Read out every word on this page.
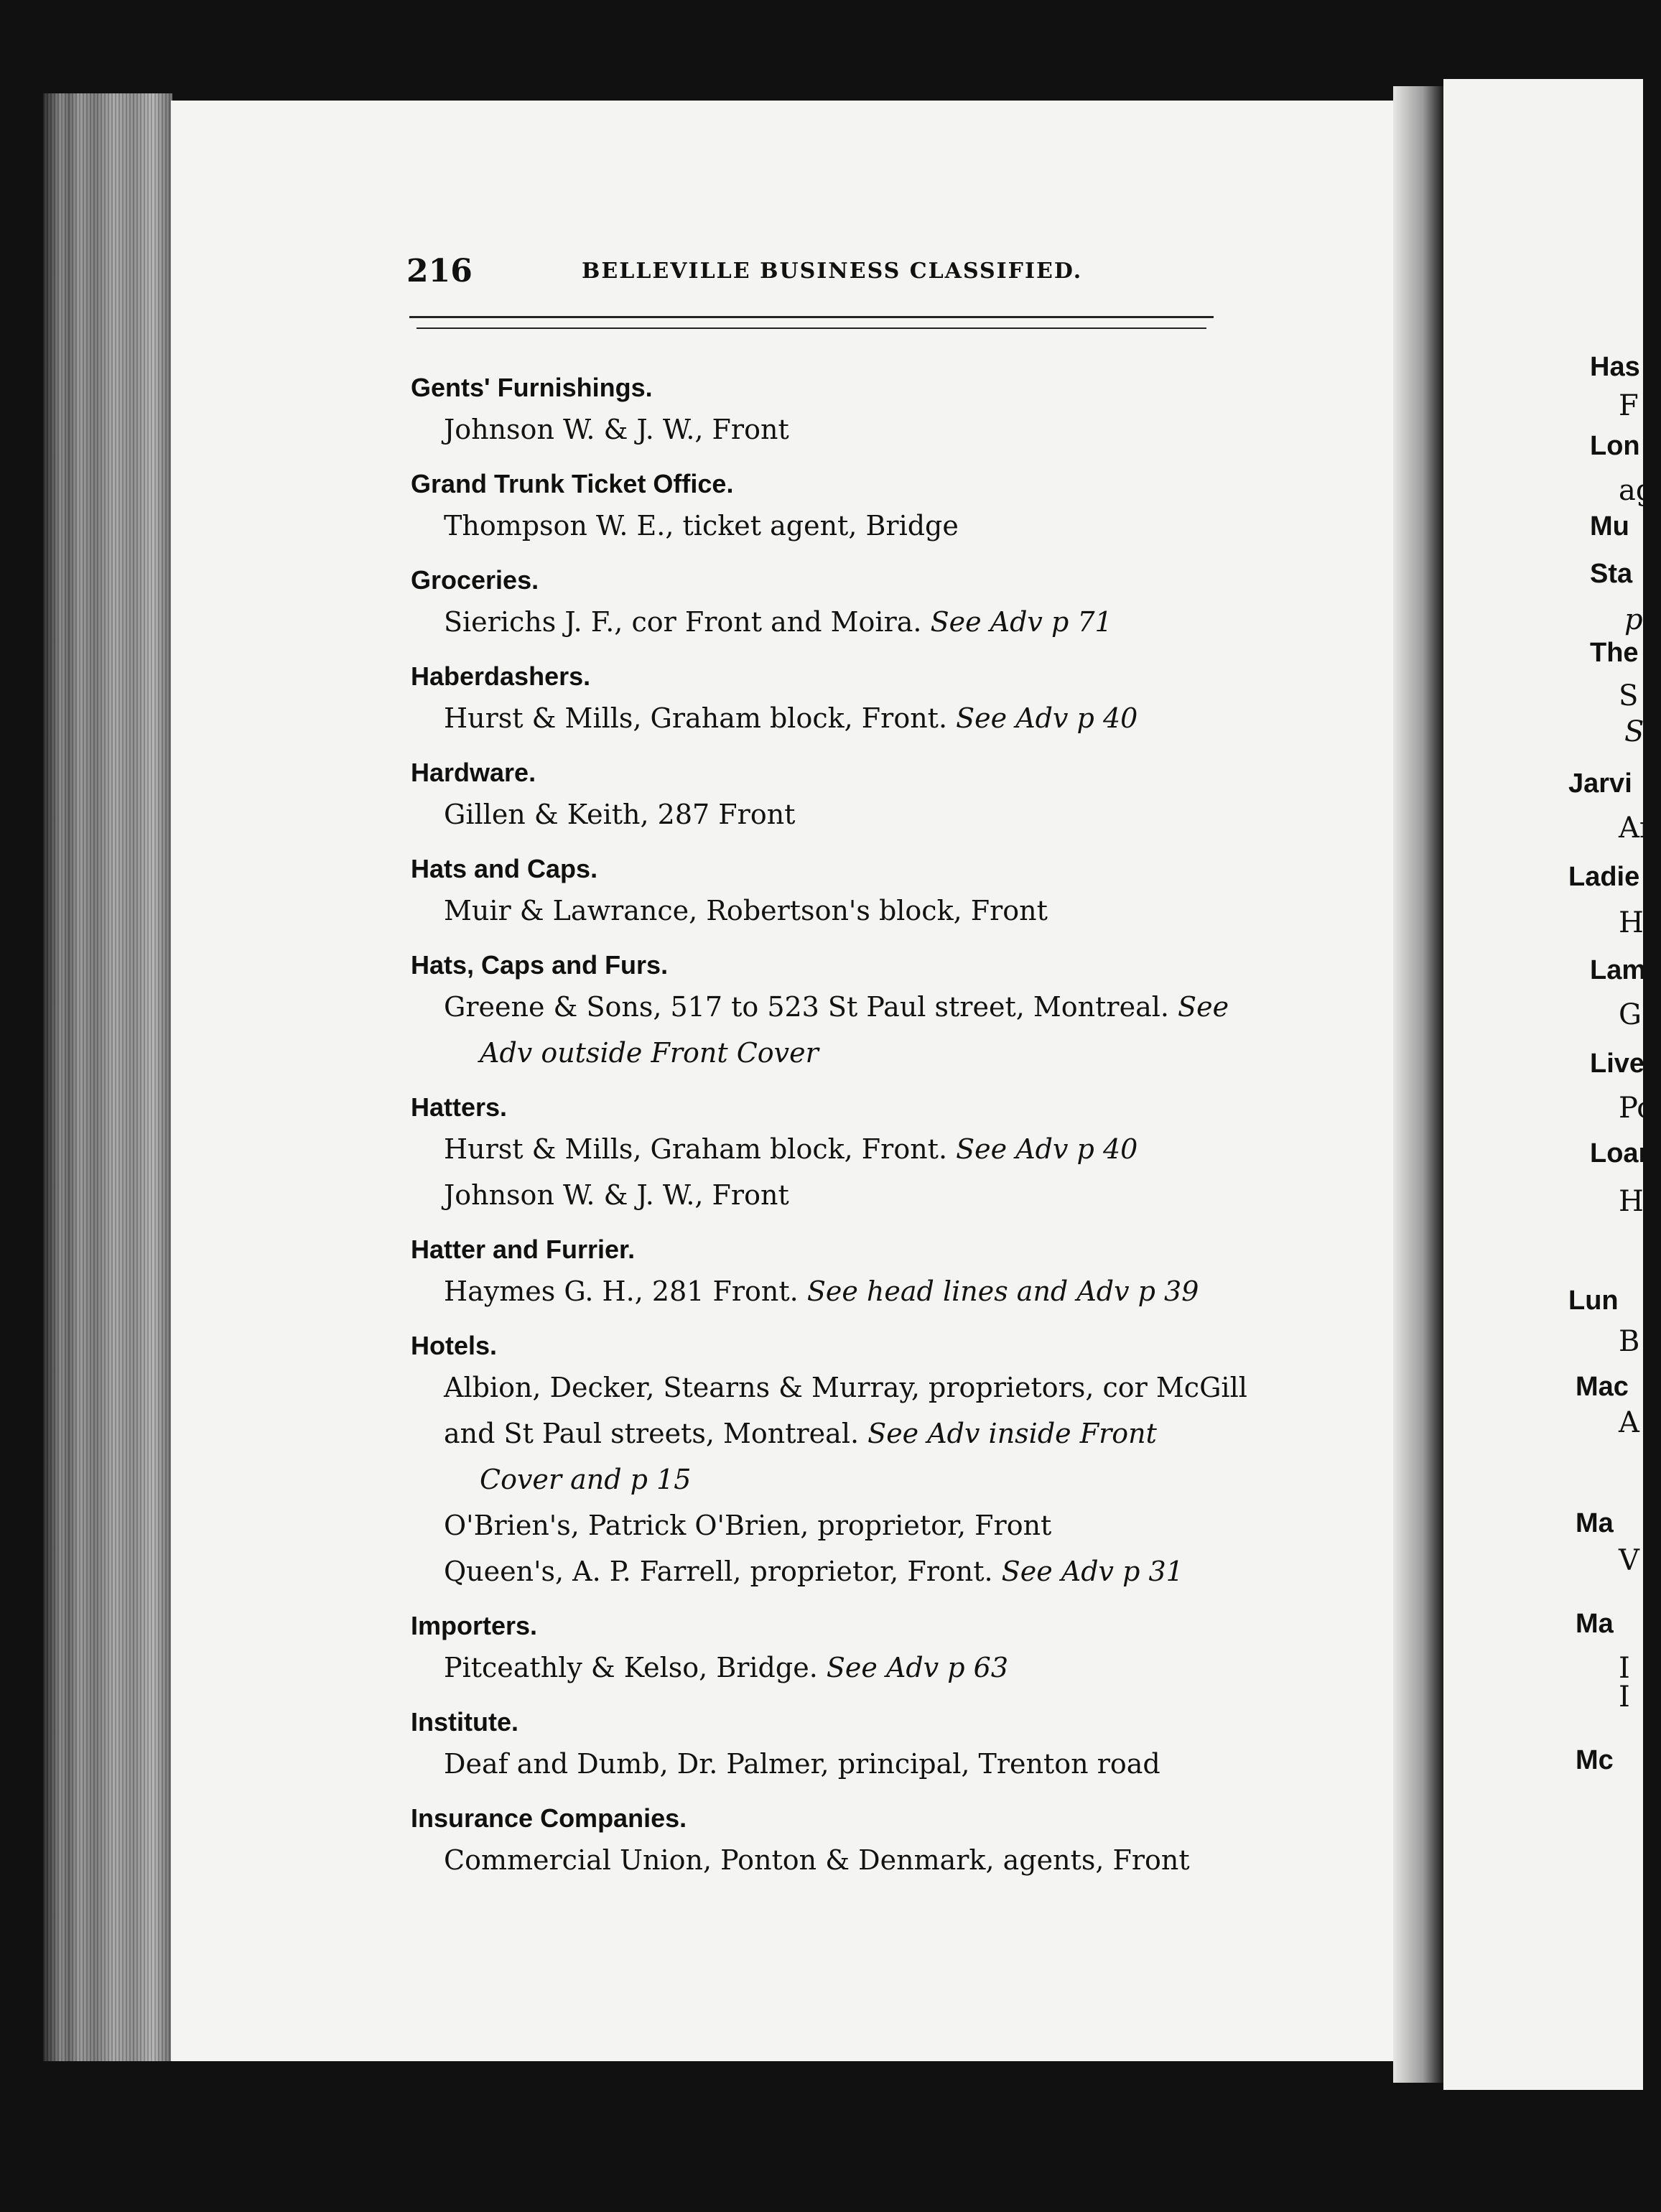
216	BELLEVILLE BUSINESS CLASSIFIED.
Gents' Furnishings.
Johnson W. & J. W., Front
Grand Trunk Ticket Office.
Thompson W. E., ticket agent, Bridge
Groceries.
Sierichs J. F., cor Front and Moira. See Adv p 71
Haberdashers.
Hurst & Mills, Graham block, Front. See Adv p 40
Hardware.
Gillen & Keith, 287 Front
Hats and Caps.
Muir & Lawrance, Robertson's block, Front
Hats, Caps and Furs.
Greene & Sons, 517 to 523 St Paul street, Montreal. See
Adv outside Front Cover
Hatters.
Hurst & Mills, Graham block, Front. See Adv p 40
Johnson W. & J. W., Front
Hatter and Furrier.
Haymes G. H., 281 Front. See head lines and Adv p 39
Hotels.
Albion, Decker, Stearns & Murray, proprietors, cor McGill
and St Paul streets, Montreal. See Adv inside Front
Cover and p 15
O'Brien's, Patrick O'Brien, proprietor, Front
Queen's, A. P. Farrell, proprietor, Front. See Adv p 31
Importers.
Pitceathly & Kelso, Bridge. See Adv p 63
Institute.
Deaf and Dumb, Dr. Palmer, principal, Trenton road
Insurance Companies.
Commercial Union, Ponton & Denmark, agents, Front
Has
Lon
Mu
Sta
The
Jarvi
Ladie
Lam
Live
Loar
Lun
Mac
Ma
Ma
Mc
F
ag
p
S
S
An
Ha
Go
Po
H
B
A
V
I
I
